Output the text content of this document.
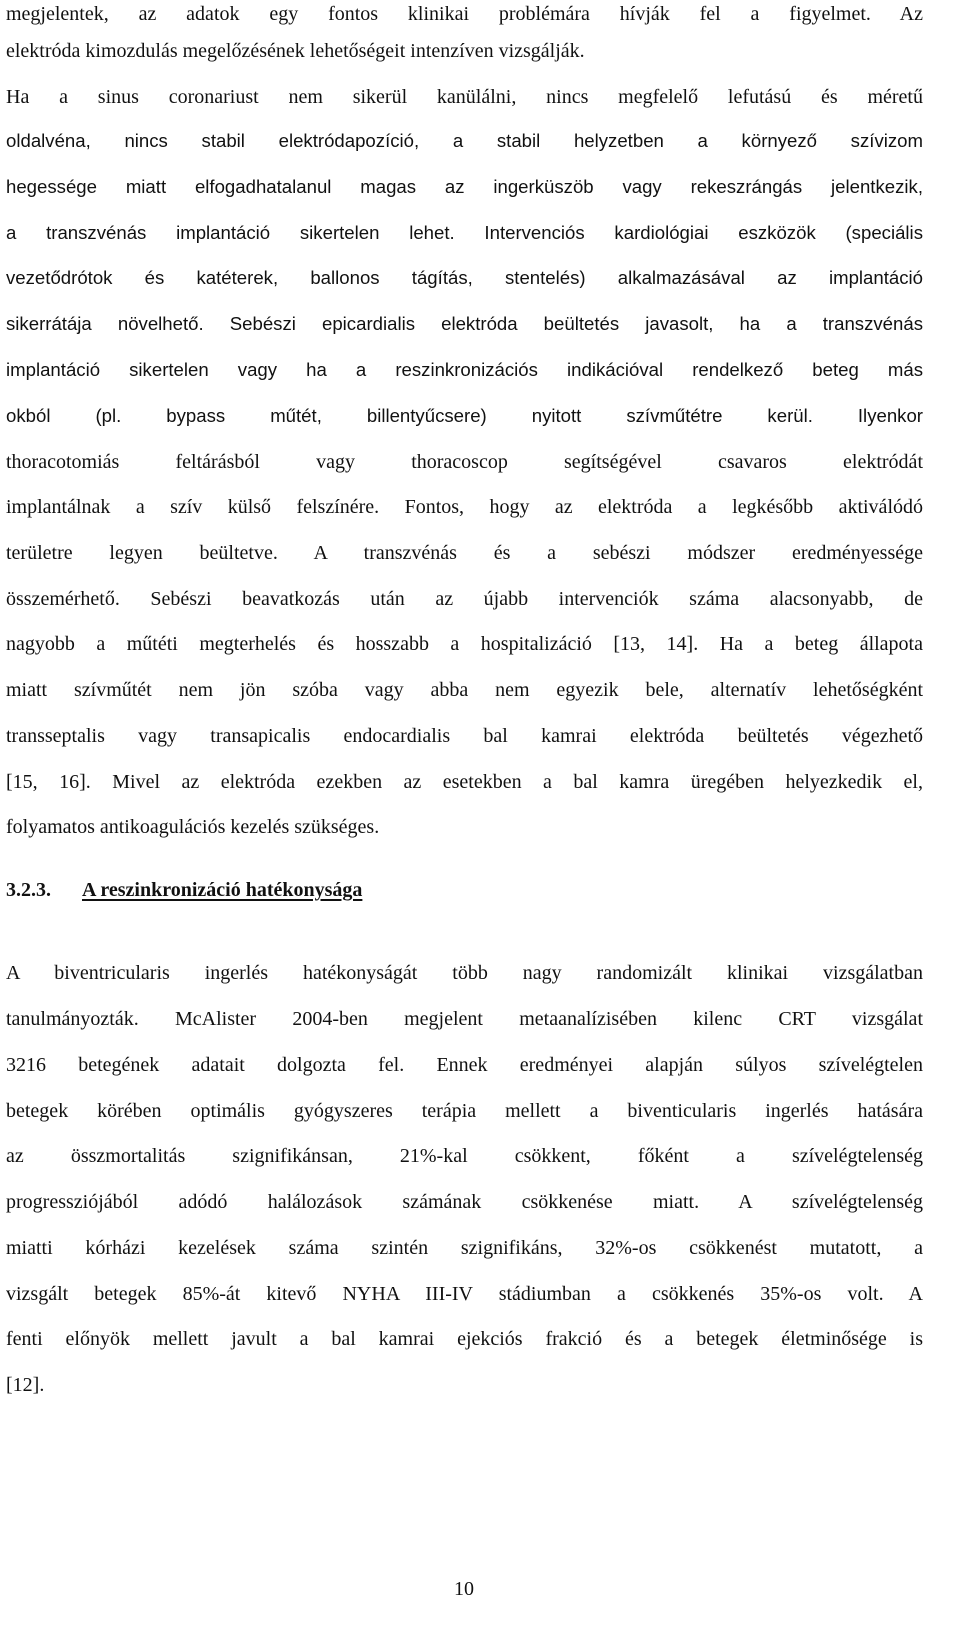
megjelentek, az adatok egy fontos klinikai problémára hívják fel a figyelmet. Az
elektróda kimozdulás megelőzésének lehetőségeit intenzíven vizsgálják.
Ha a sinus coronariust nem sikerül kanülálni, nincs megfelelő lefutású és méretű
oldalvéna, nincs stabil elektródapozíció, a stabil helyzetben a környező szívizom
hegessége miatt elfogadhatalanul magas az ingerküszöb vagy rekeszrángás jelentkezik,
a transzvénás implantáció sikertelen lehet. Intervenciós kardiológiai eszközök (speciális
vezetődrótok és katéterek, ballonos tágítás, stentelés) alkalmazásával az implantáció
sikerrátája növelhető. Sebészi epicardialis elektróda beültetés javasolt, ha a transzvénás
implantáció sikertelen vagy ha a reszinkronizációs indikációval rendelkező beteg más
okból (pl. bypass műtét, billentyűcsere) nyitott szívműtétre kerül. Ilyenkor
thoracotomiás feltárásból vagy thoracoscop segítségével csavaros elektródát
implantálnak a szív külső felszínére. Fontos, hogy az elektróda a legkésőbb aktiválódó
területre legyen beültetve. A transzvénás és a sebészi módszer eredményessége
összemérhető. Sebészi beavatkozás után az újabb intervenciók száma alacsonyabb, de
nagyobb a műtéti megterhelés és hosszabb a hospitalizáció [13, 14]. Ha a beteg állapota
miatt szívműtét nem jön szóba vagy abba nem egyezik bele, alternatív lehetőségként
transseptalis vagy transapicalis endocardialis bal kamrai elektróda beültetés végezhető
[15, 16]. Mivel az elektróda ezekben az esetekben a bal kamra üregében helyezkedik el,
folyamatos antikoagulációs kezelés szükséges.
3.2.3. A reszinkronizáció hatékonysága
A biventricularis ingerlés hatékonyságát több nagy randomizált klinikai vizsgálatban
tanulmányozták. McAlister 2004-ben megjelent metaanalízisében kilenc CRT vizsgálat
3216 betegének adatait dolgozta fel. Ennek eredményei alapján súlyos szívelégtelen
betegek körében optimális gyógyszeres terápia mellett a biventicularis ingerlés hatására
az összmortalitás szignifikánsan, 21%-kal csökkent, főként a szívelégtelenség
progressziójából adódó halálozások számának csökkenése miatt. A szívelégtelenség
miatti kórházi kezelések száma szintén szignifikáns, 32%-os csökkenést mutatott, a
vizsgált betegek 85%-át kitevő NYHA III-IV stádiumban a csökkenés 35%-os volt. A
fenti előnyök mellett javult a bal kamrai ejekciós frakció és a betegek életminősége is
[12].
10
